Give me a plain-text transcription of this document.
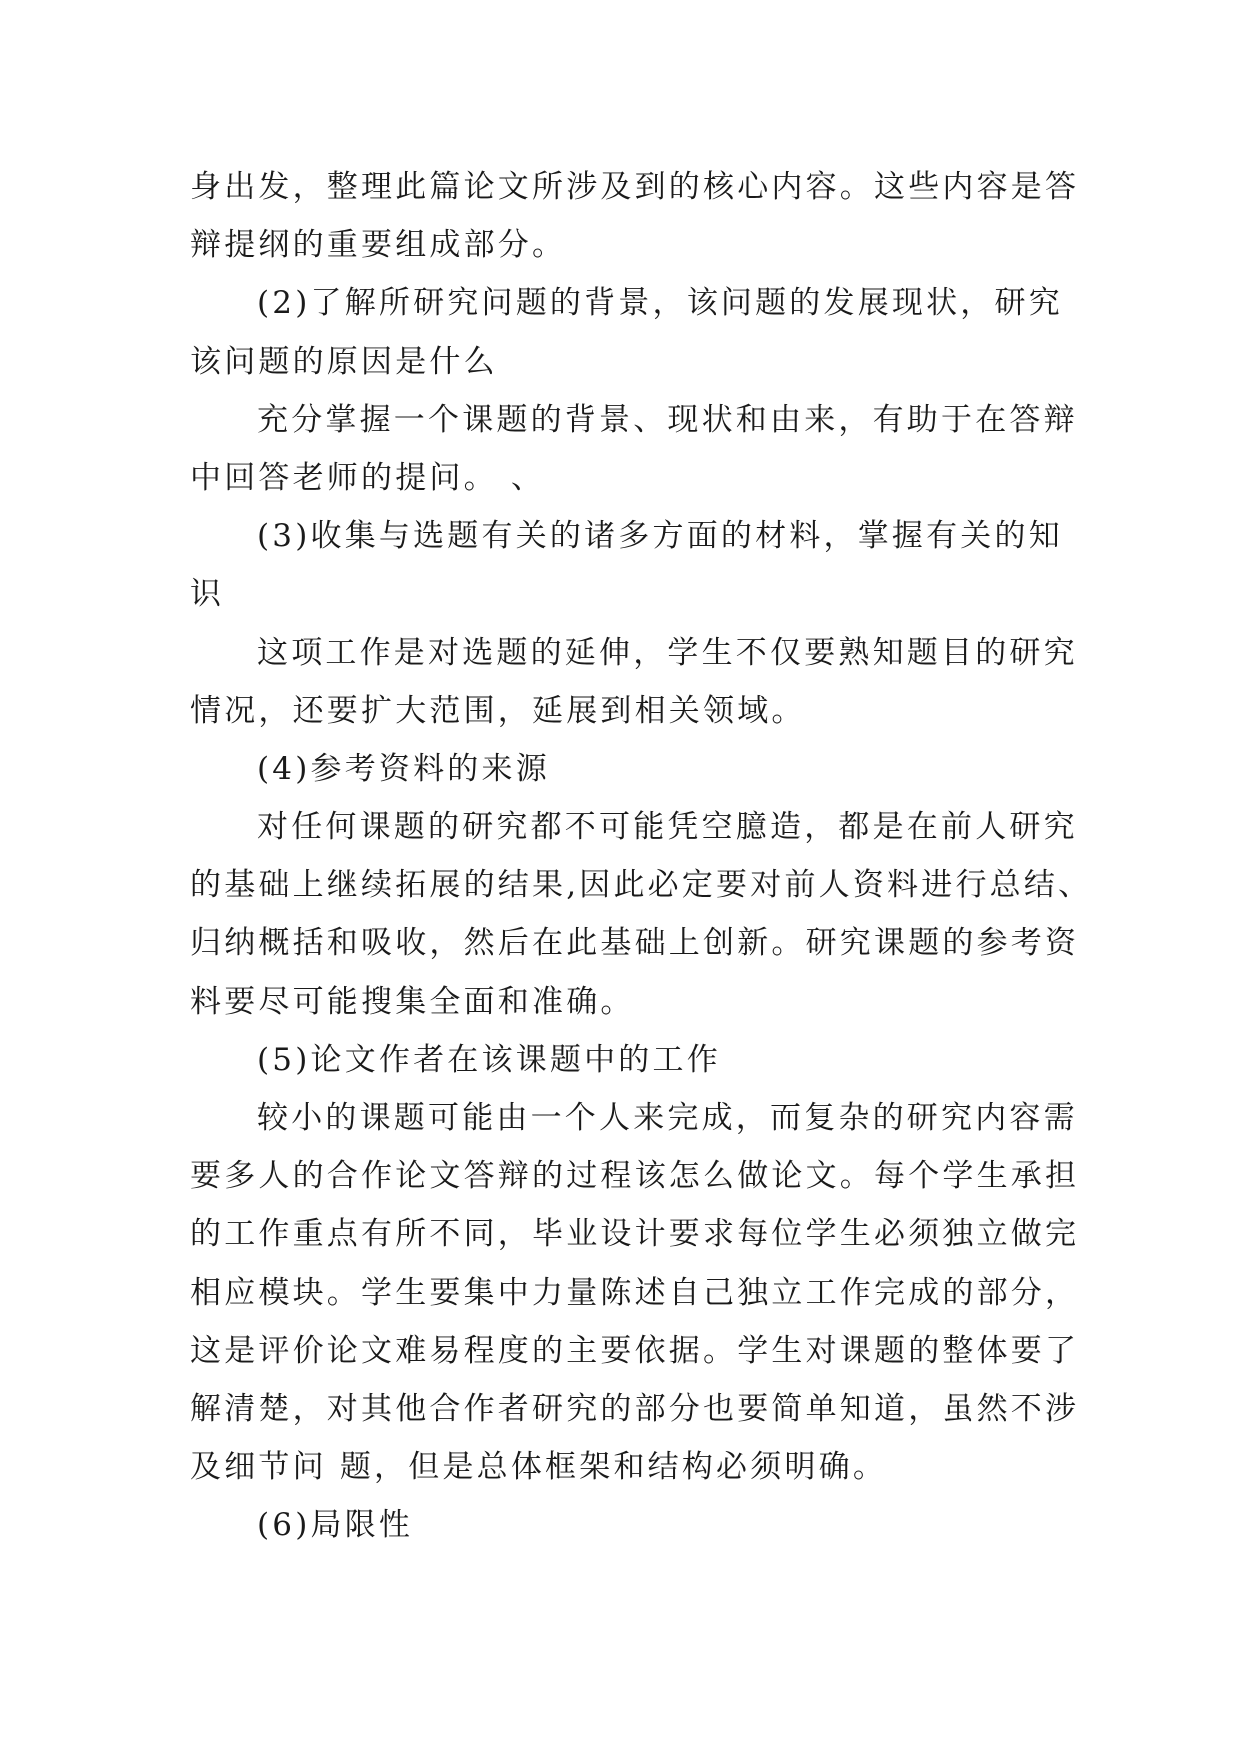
身出发，整理此篇论文所涉及到的核心内容。这些内容是答
辩提纲的重要组成部分。
(2)了解所研究问题的背景，该问题的发展现状，研究
该问题的原因是什么
充分掌握一个课题的背景、现状和由来，有助于在答辩
中回答老师的提问。 、
(3)收集与选题有关的诸多方面的材料，掌握有关的知
识
这项工作是对选题的延伸，学生不仅要熟知题目的研究
情况，还要扩大范围，延展到相关领域。
(4)参考资料的来源
对任何课题的研究都不可能凭空臆造，都是在前人研究
的基础上继续拓展的结果,因此必定要对前人资料进行总结、
归纳概括和吸收，然后在此基础上创新。研究课题的参考资
料要尽可能搜集全面和准确。
(5)论文作者在该课题中的工作
较小的课题可能由一个人来完成，而复杂的研究内容需
要多人的合作论文答辩的过程该怎么做论文。每个学生承担
的工作重点有所不同，毕业设计要求每位学生必须独立做完
相应模块。学生要集中力量陈述自己独立工作完成的部分，
这是评价论文难易程度的主要依据。学生对课题的整体要了
解清楚，对其他合作者研究的部分也要简单知道，虽然不涉
及细节问 题，但是总体框架和结构必须明确。
(6)局限性
